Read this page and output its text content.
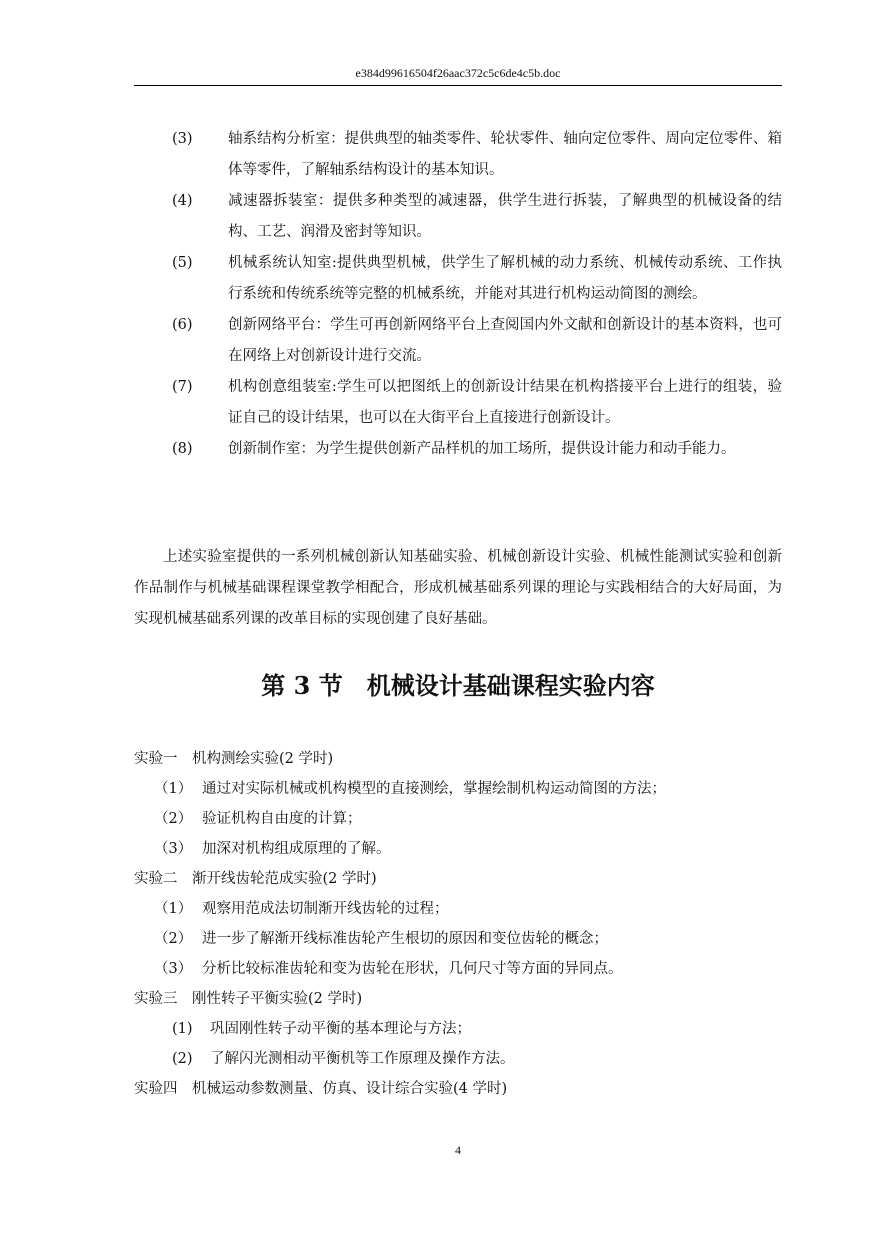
e384d99616504f26aac372c5c6de4c5b.doc
(3)	轴系结构分析室：提供典型的轴类零件、轮状零件、轴向定位零件、周向定位零件、箱体等零件，了解轴系结构设计的基本知识。
(4)	减速器拆装室：提供多种类型的减速器，供学生进行拆装，了解典型的机械设备的结构、工艺、润滑及密封等知识。
(5)	机械系统认知室:提供典型机械，供学生了解机械的动力系统、机械传动系统、工作执行系统和传统系统等完整的机械系统，并能对其进行机构运动简图的测绘。
(6)	创新网络平台：学生可再创新网络平台上查阅国内外文献和创新设计的基本资料，也可在网络上对创新设计进行交流。
(7)	机构创意组装室:学生可以把图纸上的创新设计结果在机构搭接平台上进行的组装，验证自己的设计结果，也可以在大街平台上直接进行创新设计。
(8)	创新制作室：为学生提供创新产品样机的加工场所，提供设计能力和动手能力。
上述实验室提供的一系列机械创新认知基础实验、机械创新设计实验、机械性能测试实验和创新作品制作与机械基础课程课堂教学相配合，形成机械基础系列课的理论与实践相结合的大好局面，为实现机械基础系列课的改革目标的实现创建了良好基础。
第 3 节　机械设计基础课程实验内容
实验一　机构测绘实验(2 学时)
（1） 通过对实际机械或机构模型的直接测绘，掌握绘制机构运动简图的方法；
（2） 验证机构自由度的计算；
（3） 加深对机构组成原理的了解。
实验二　渐开线齿轮范成实验(2 学时)
（1） 观察用范成法切制渐开线齿轮的过程；
（2） 进一步了解渐开线标准齿轮产生根切的原因和变位齿轮的概念；
（3） 分析比较标准齿轮和变为齿轮在形状，几何尺寸等方面的异同点。
实验三　刚性转子平衡实验(2 学时)
(1)	巩固刚性转子动平衡的基本理论与方法；
(2)	了解闪光测相动平衡机等工作原理及操作方法。
实验四　机械运动参数测量、仿真、设计综合实验(4 学时)
4
